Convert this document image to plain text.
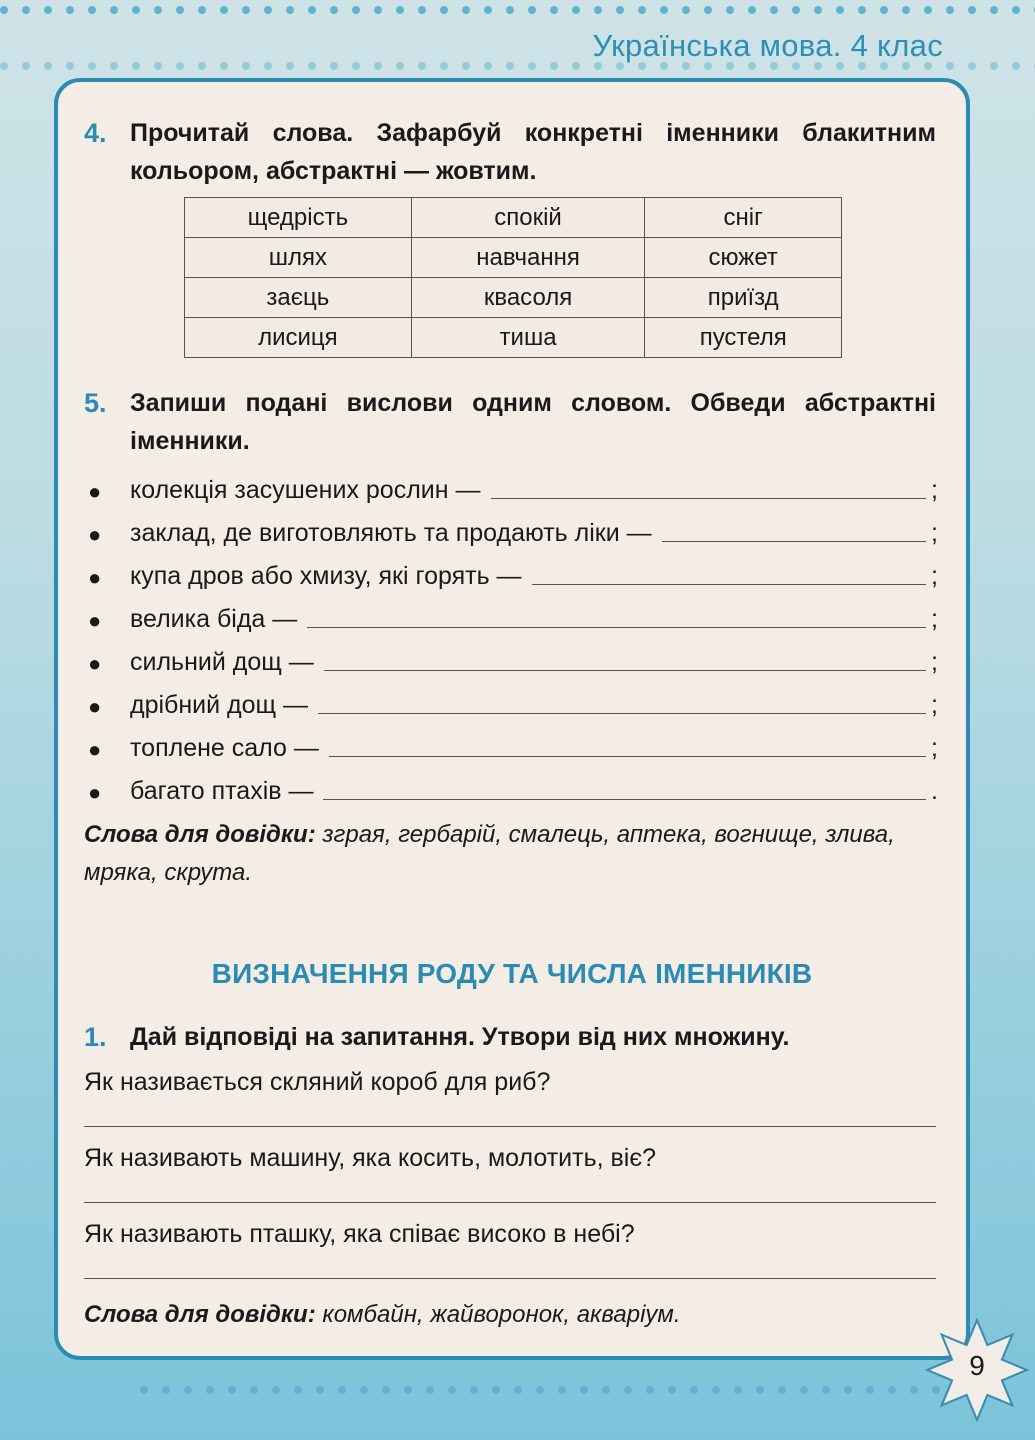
Українська мова. 4 клас
4. Прочитай слова. Зафарбуй конкретні іменники блакитним кольором, абстрактні — жовтим.
щедрість	спокій	сніг
шлях	навчання	сюжет
заєць	квасоля	приїзд
лисиця	тиша	пустеля
5. Запиши подані вислови одним словом. Обведи абстрактні іменники.
●	колекція засушених рослин —	;
●	заклад, де виготовляють та продають ліки —	;
●	купа дров або хмизу, які горять —	;
●	велика біда —	;
●	сильний дощ —	;
●	дрібний дощ —	;
●	топлене сало —	;
●	багато птахів —	.
Слова для довідки: зграя, гербарій, смалець, аптека, вогнище, злива, мряка, скрута.
ВИЗНАЧЕННЯ РОДУ ТА ЧИСЛА ІМЕННИКІВ
1. Дай відповіді на запитання. Утвори від них множину.
Як називається скляний короб для риб?
Як називають машину, яка косить, молотить, віє?
Як називають пташку, яка співає високо в небі?
Слова для довідки: комбайн, жайворонок, акваріум.
9
